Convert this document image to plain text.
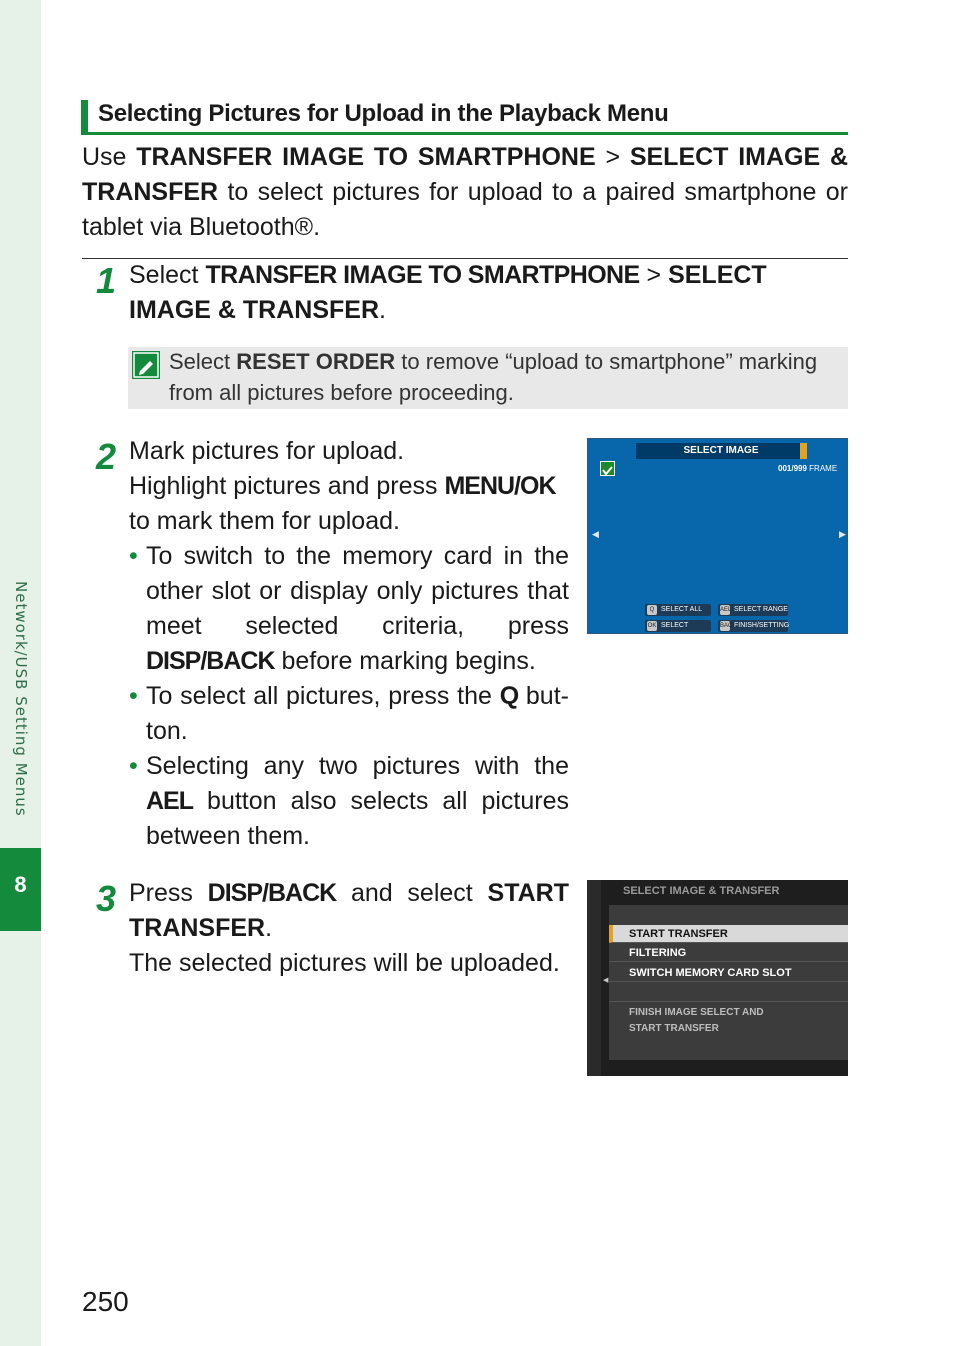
Network/USB Setting Menus
8
Selecting Pictures for Upload in the Playback Menu
Use TRANSFER IMAGE TO SMARTPHONE > SELECT IMAGE & TRANSFER to select pictures for upload to a paired smartphone or tablet via Bluetooth®.
1 Select TRANSFER IMAGE TO SMARTPHONE > SELECT IMAGE & TRANSFER.
Select RESET ORDER to remove “upload to smartphone” marking from all pictures before proceeding.
2 Mark pictures for upload.
Highlight pictures and press MENU/OK to mark them for upload.
• To switch to the memory card in the other slot or display only pictures that meet selected criteria, press DISP/BACK before marking begins.
• To select all pictures, press the Q button.
• Selecting any two pictures with the AEL button also selects all pictures between them.
SELECT IMAGE
001/999 FRAME
◀	▶
Q SELECT ALL	AEL SELECT RANGE
OK SELECT	BACKFINISH/SETTING
3 Press DISP/BACK and select START TRANSFER.
The selected pictures will be uploaded.
SELECT IMAGE & TRANSFER
START TRANSFER
FILTERING
SWITCH MEMORY CARD SLOT
FINISH IMAGE SELECT AND
START TRANSFER
◀
250
